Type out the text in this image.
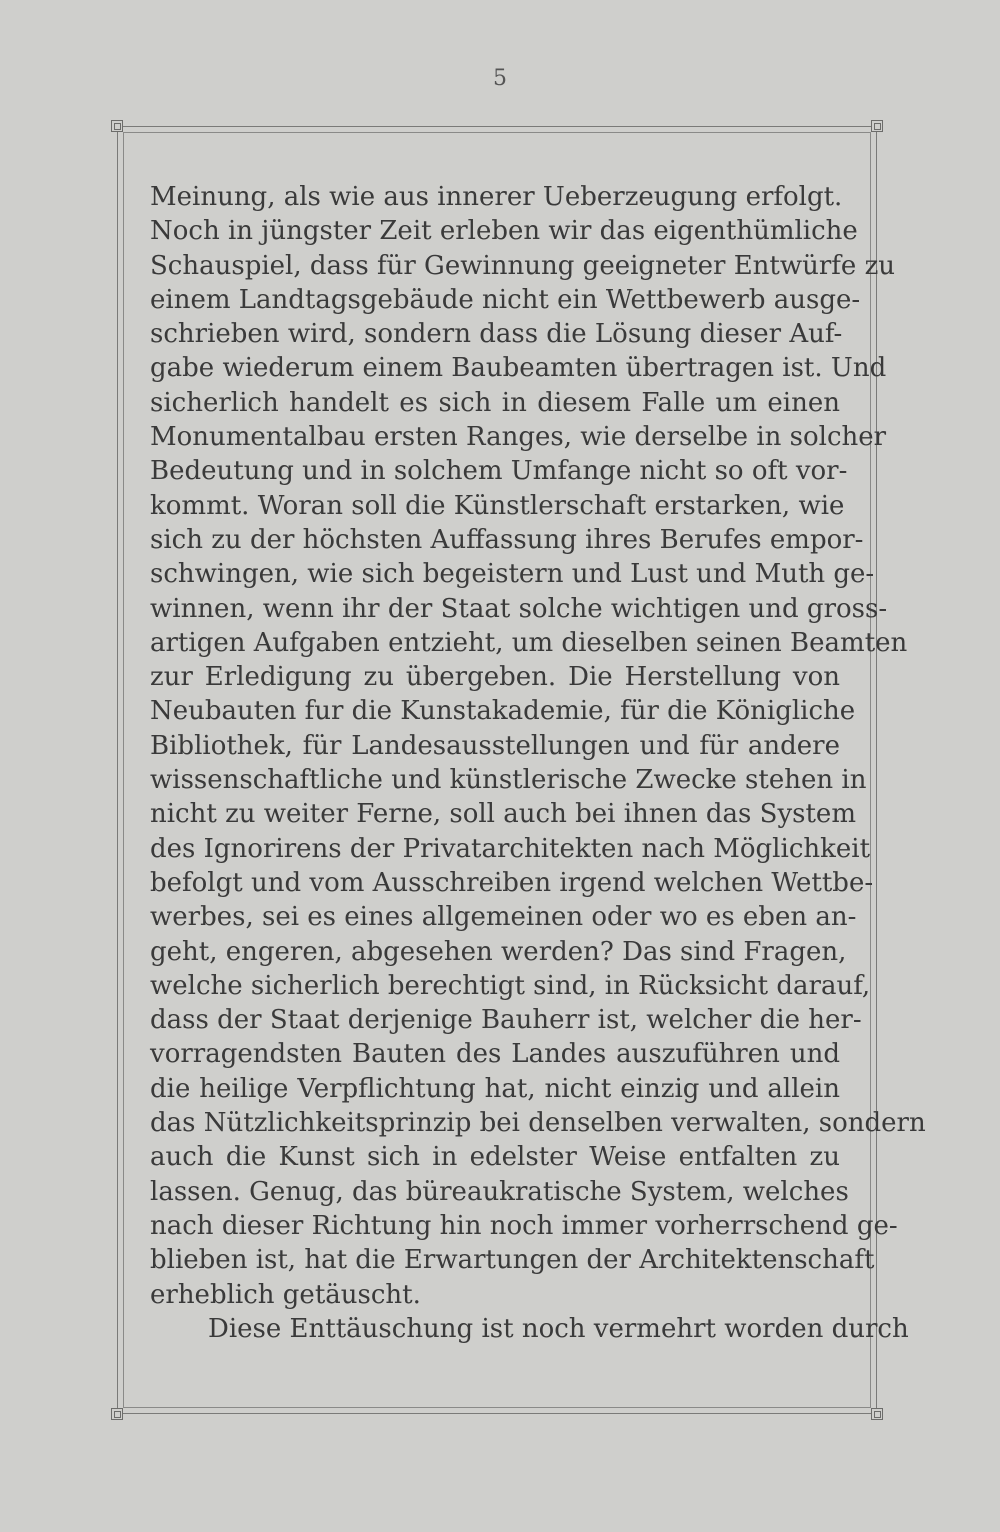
5
Meinung, als wie aus innerer Ueberzeugung erfolgt.
Noch in jüngster Zeit erleben wir das eigenthümliche
Schauspiel, dass für Gewinnung geeigneter Entwürfe zu
einem Landtagsgebäude nicht ein Wettbewerb ausge-
schrieben wird, sondern dass die Lösung dieser Auf-
gabe wiederum einem Baubeamten übertragen ist. Und
sicherlich handelt es sich in diesem Falle um einen
Monumentalbau ersten Ranges, wie derselbe in solcher
Bedeutung und in solchem Umfange nicht so oft vor-
kommt. Woran soll die Künstlerschaft erstarken, wie
sich zu der höchsten Auffassung ihres Berufes empor-
schwingen, wie sich begeistern und Lust und Muth ge-
winnen, wenn ihr der Staat solche wichtigen und gross-
artigen Aufgaben entzieht, um dieselben seinen Beamten
zur Erledigung zu übergeben. Die Herstellung von
Neubauten fur die Kunstakademie, für die Königliche
Bibliothek, für Landesausstellungen und für andere
wissenschaftliche und künstlerische Zwecke stehen in
nicht zu weiter Ferne, soll auch bei ihnen das System
des Ignorirens der Privatarchitekten nach Möglichkeit
befolgt und vom Ausschreiben irgend welchen Wettbe-
werbes, sei es eines allgemeinen oder wo es eben an-
geht, engeren, abgesehen werden? Das sind Fragen,
welche sicherlich berechtigt sind, in Rücksicht darauf,
dass der Staat derjenige Bauherr ist, welcher die her-
vorragendsten Bauten des Landes auszuführen und
die heilige Verpflichtung hat, nicht einzig und allein
das Nützlichkeitsprinzip bei denselben verwalten, sondern
auch die Kunst sich in edelster Weise entfalten zu
lassen. Genug, das büreaukratische System, welches
nach dieser Richtung hin noch immer vorherrschend ge-
blieben ist, hat die Erwartungen der Architektenschaft
erheblich getäuscht.
Diese Enttäuschung ist noch vermehrt worden durch
